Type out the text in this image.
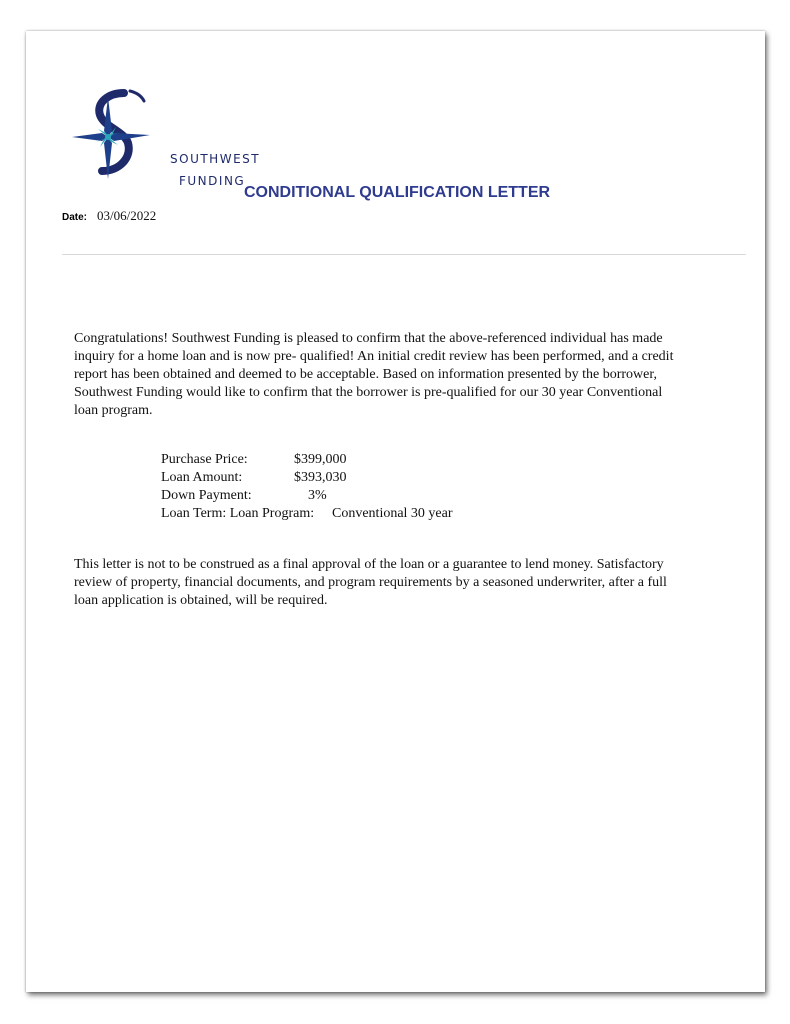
SOUTHWEST
FUNDING
CONDITIONAL QUALIFICATION LETTER
Date: 03/06/2022
Congratulations! Southwest Funding is pleased to confirm that the above-referenced individual has made inquiry for a home loan and is now pre- qualified! An initial credit review has been performed, and a credit report has been obtained and deemed to be acceptable. Based on information presented by the borrower, Southwest Funding would like to confirm that the borrower is pre-qualified for our 30 year Conventional loan program.
Purchase Price:	$399,000
Loan Amount:	$393,030
Down Payment:	3%
Loan Term: Loan Program: Conventional 30 year
This letter is not to be construed as a final approval of the loan or a guarantee to lend money. Satisfactory review of property, financial documents, and program requirements by a seasoned underwriter, after a full loan application is obtained, will be required.
